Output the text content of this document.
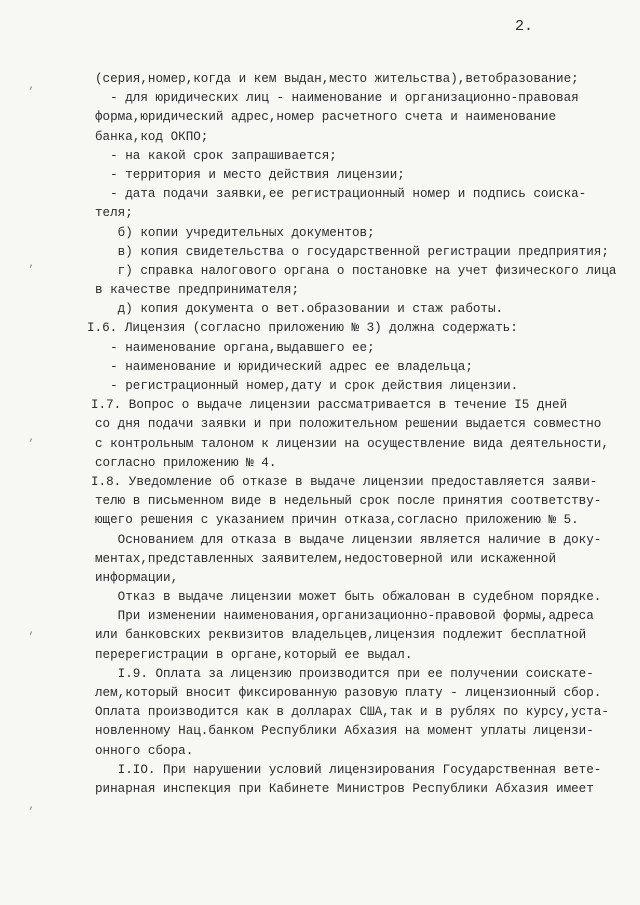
2.
‚
‚
‚
‚
‚
(серия,номер,когда и кем выдан,место жительства),ветобразование;
- для юридических лиц - наименование и организационно-правовая
форма,юридический адрес,номер расчетного счета и наименование
банка,код ОКПО;
- на какой срок запрашивается;
- территория и место действия лицензии;
- дата подачи заявки,ее регистрационный номер и подпись соиска-
теля;
б) копии учредительных документов;
в) копия свидетельства о государственной регистрации предприятия;
г) справка налогового органа о постановке на учет физического лица
в качестве предпринимателя;
д) копия документа о вет.образовании и стаж работы.
I.6. Лицензия (согласно приложению № 3) должна содержать:
- наименование органа,выдавшего ее;
- наименование и юридический адрес ее владельца;
- регистрационный номер,дату и срок действия лицензии.
I.7. Вопрос о выдаче лицензии рассматривается в течение I5 дней
со дня подачи заявки и при положительном решении выдается совместно
с контрольным талоном к лицензии на осуществление вида деятельности,
согласно приложению № 4.
I.8. Уведомление об отказе в выдаче лицензии предоставляется заяви-
телю в письменном виде в недельный срок после принятия соответству-
ющего решения с указанием причин отказа,согласно приложению № 5.
Основанием для отказа в выдаче лицензии является наличие в доку-
ментах,представленных заявителем,недостоверной или искаженной
информации,
Отказ в выдаче лицензии может быть обжалован в судебном порядке.
При изменении наименования,организационно-правовой формы,адреса
или банковских реквизитов владельцев,лицензия подлежит бесплатной
перерегистрации в органе,который ее выдал.
I.9. Оплата за лицензию производится при ее получении соискате-
лем,который вносит фиксированную разовую плату - лицензионный сбор.
Оплата производится как в долларах США,так и в рублях по курсу,уста-
новленному Нац.банком Республики Абхазия на момент уплаты лицензи-
онного сбора.
I.IO. При нарушении условий лицензирования Государственная вете-
ринарная инспекция при Кабинете Министров Республики Абхазия имеет
